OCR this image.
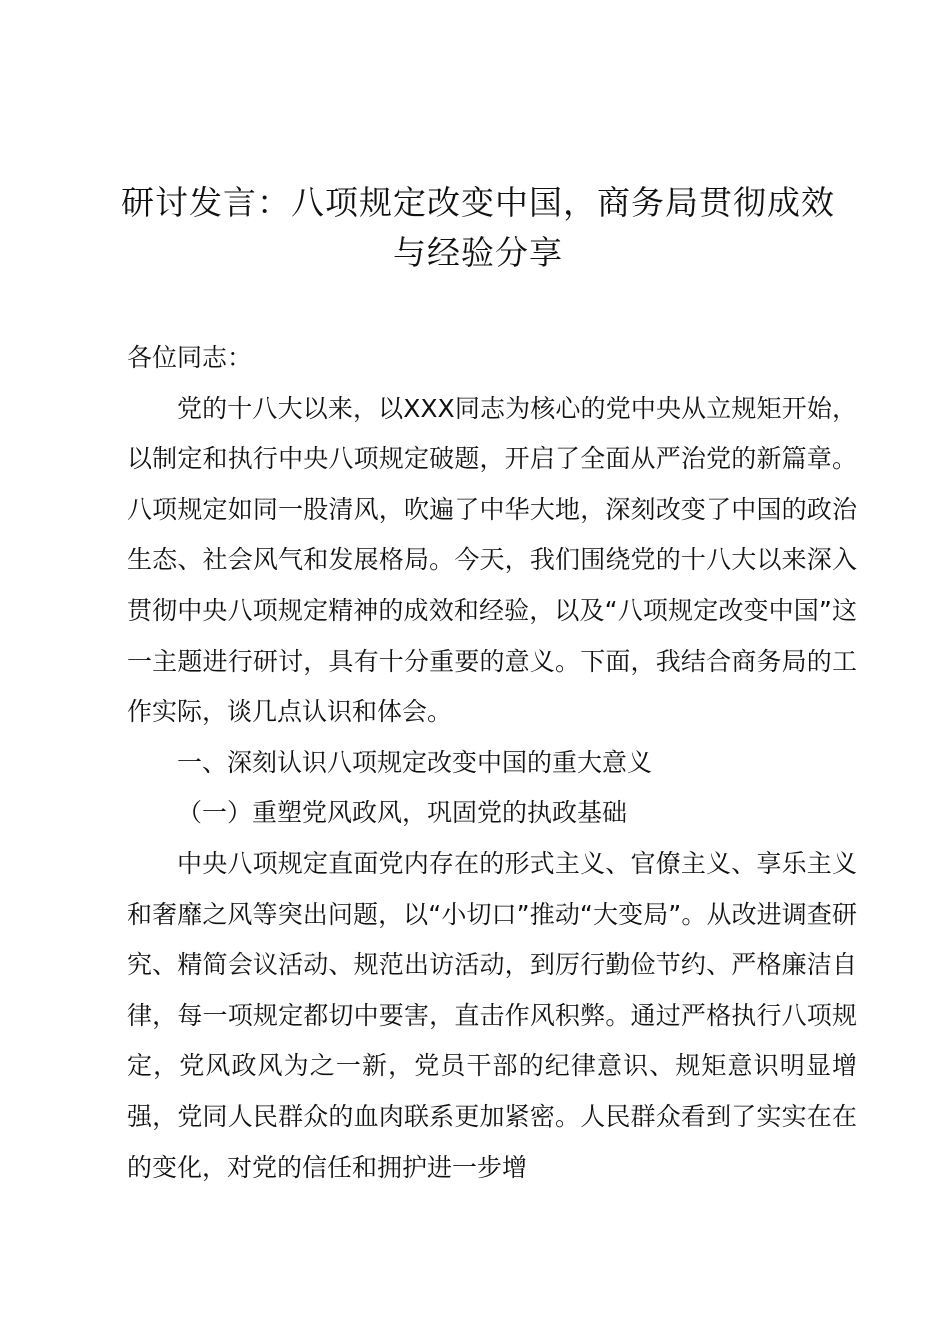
研讨发言：八项规定改变中国，商务局贯彻成效与经验分享

各位同志：

党的十八大以来，以XXX同志为核心的党中央从立规矩开始，以制定和执行中央八项规定破题，开启了全面从严治党的新篇章。八项规定如同一股清风，吹遍了中华大地，深刻改变了中国的政治生态、社会风气和发展格局。今天，我们围绕党的十八大以来深入贯彻中央八项规定精神的成效和经验，以及“八项规定改变中国”这一主题进行研讨，具有十分重要的意义。下面，我结合商务局的工作实际，谈几点认识和体会。

一、深刻认识八项规定改变中国的重大意义

（一）重塑党风政风，巩固党的执政基础

中央八项规定直面党内存在的形式主义、官僚主义、享乐主义和奢靡之风等突出问题，以“小切口”推动“大变局”。从改进调查研究、精简会议活动、规范出访活动，到厉行勤俭节约、严格廉洁自律，每一项规定都切中要害，直击作风积弊。通过严格执行八项规定，党风政风为之一新，党员干部的纪律意识、规矩意识明显增强，党同人民群众的血肉联系更加紧密。人民群众看到了实实在在的变化，对党的信任和拥护进一步增
